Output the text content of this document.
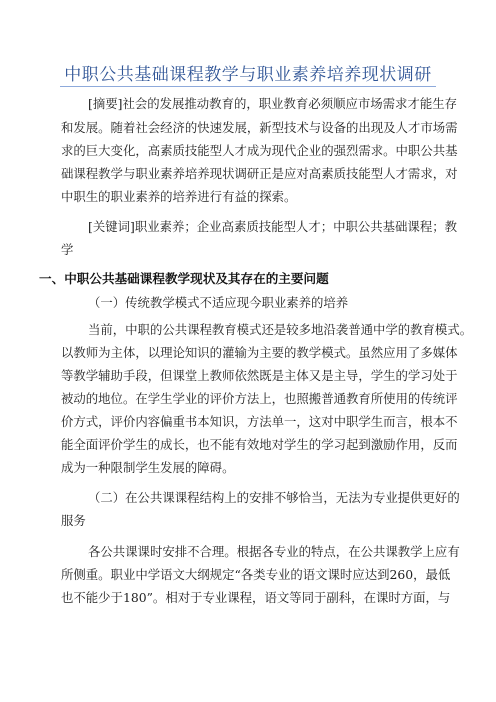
中职公共基础课程教学与职业素养培养现状调研
[摘要]社会的发展推动教育的，职业教育必须顺应市场需求才能生存
和发展。随着社会经济的快速发展，新型技术与设备的出现及人才市场需
求的巨大变化，高素质技能型人才成为现代企业的强烈需求。中职公共基
础课程教学与职业素养培养现状调研正是应对高素质技能型人才需求，对
中职生的职业素养的培养进行有益的探索。
[关键词]职业素养；企业高素质技能型人才；中职公共基础课程；教
学
一、中职公共基础课程教学现状及其存在的主要问题
（一）传统教学模式不适应现今职业素养的培养
当前，中职的公共课程教育模式还是较多地沿袭普通中学的教育模式。
以教师为主体，以理论知识的灌输为主要的教学模式。虽然应用了多媒体
等教学辅助手段，但课堂上教师依然既是主体又是主导，学生的学习处于
被动的地位。在学生学业的评价方法上，也照搬普通教育所使用的传统评
价方式，评价内容偏重书本知识，方法单一，这对中职学生而言，根本不
能全面评价学生的成长，也不能有效地对学生的学习起到激励作用，反而
成为一种限制学生发展的障碍。
（二）在公共课课程结构上的安排不够恰当，无法为专业提供更好的
服务
各公共课课时安排不合理。根据各专业的特点，在公共课教学上应有
所侧重。职业中学语文大纲规定“各类专业的语文课时应达到260，最低
也不能少于180”。相对于专业课程，语文等同于副科，在课时方面，与
